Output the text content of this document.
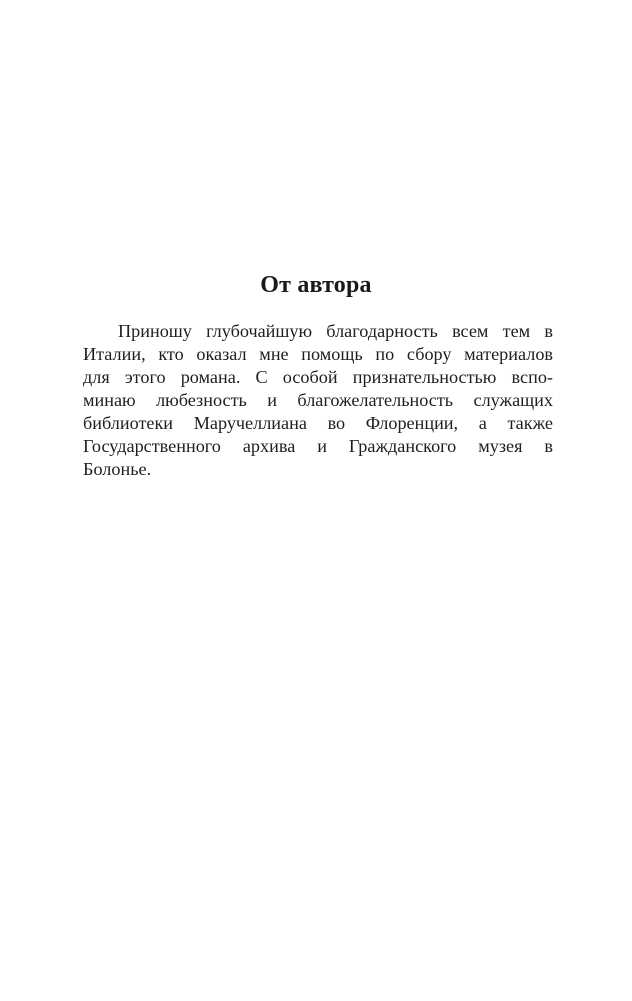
От автора
Приношу глубочайшую благодарность всем тем в
Италии, кто оказал мне помощь по сбору материалов
для этого романа. С особой признательностью вспо-
минаю любезность и благожелательность служащих
библиотеки Маручеллиана во Флоренции, а также
Государственного архива и Гражданского музея в
Болонье.
